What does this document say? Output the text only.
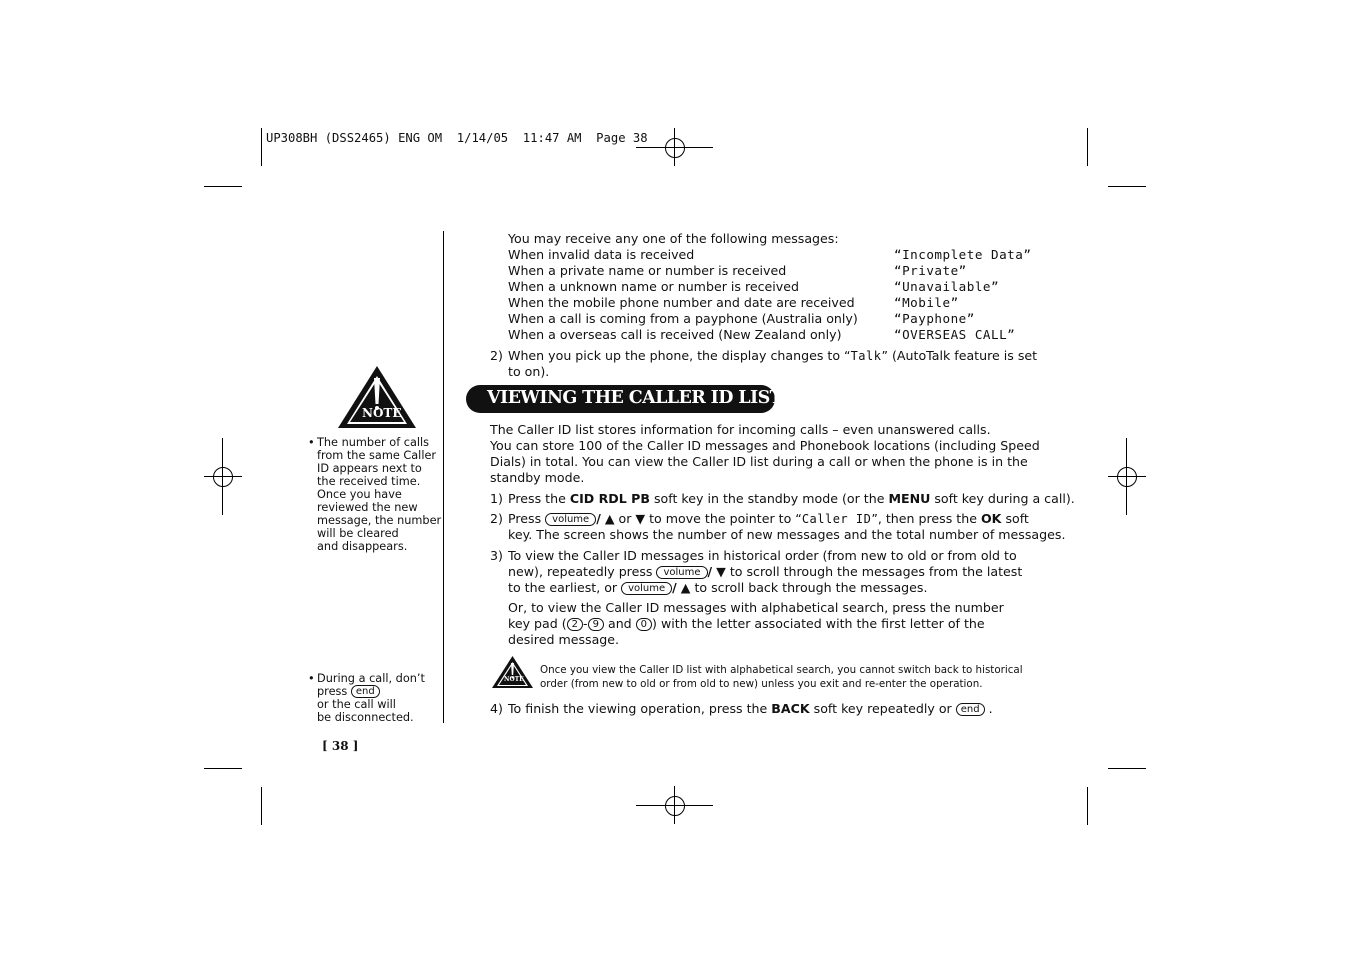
UP308BH (DSS2465) ENG OM  1/14/05  11:47 AM  Page 38
NOTE
• The number of calls
from the same Caller
ID appears next to
the received time.
Once you have
reviewed the new
message, the number
will be cleared
and disappears.
• During a call, don’t
press end
or the call will
be disconnected.
[ 38 ]
You may receive any one of the following messages:
When invalid data is received	“Incomplete Data”
When a private name or number is received	“Private”
When a unknown name or number is received	“Unavailable”
When the mobile phone number and date are received	“Mobile”
When a call is coming from a payphone (Australia only)	“Payphone”
When a overseas call is received (New Zealand only)	“OVERSEAS CALL”
2) When you pick up the phone, the display changes to “Talk” (AutoTalk feature is set
to on).
VIEWING THE CALLER ID LIST
The Caller ID list stores information for incoming calls – even unanswered calls.
You can store 100 of the Caller ID messages and Phonebook locations (including Speed
Dials) in total. You can view the Caller ID list during a call or when the phone is in the
standby mode.
1) Press the CID RDL PB soft key in the standby mode (or the MENU soft key during a call).
2) Press volume / ▲ or ▼ to move the pointer to “Caller ID”, then press the OK soft
key. The screen shows the number of new messages and the total number of messages.
3) To view the Caller ID messages in historical order (from new to old or from old to
new), repeatedly press volume / ▼ to scroll through the messages from the latest
to the earliest, or volume / ▲ to scroll back through the messages.
Or, to view the Caller ID messages with alphabetical search, press the number
key pad ( 2 - 9 and 0 ) with the letter associated with the first letter of the
desired message.
NOTE
Once you view the Caller ID list with alphabetical search, you cannot switch back to historical
order (from new to old or from old to new) unless you exit and re-enter the operation.
4) To finish the viewing operation, press the BACK soft key repeatedly or end .
